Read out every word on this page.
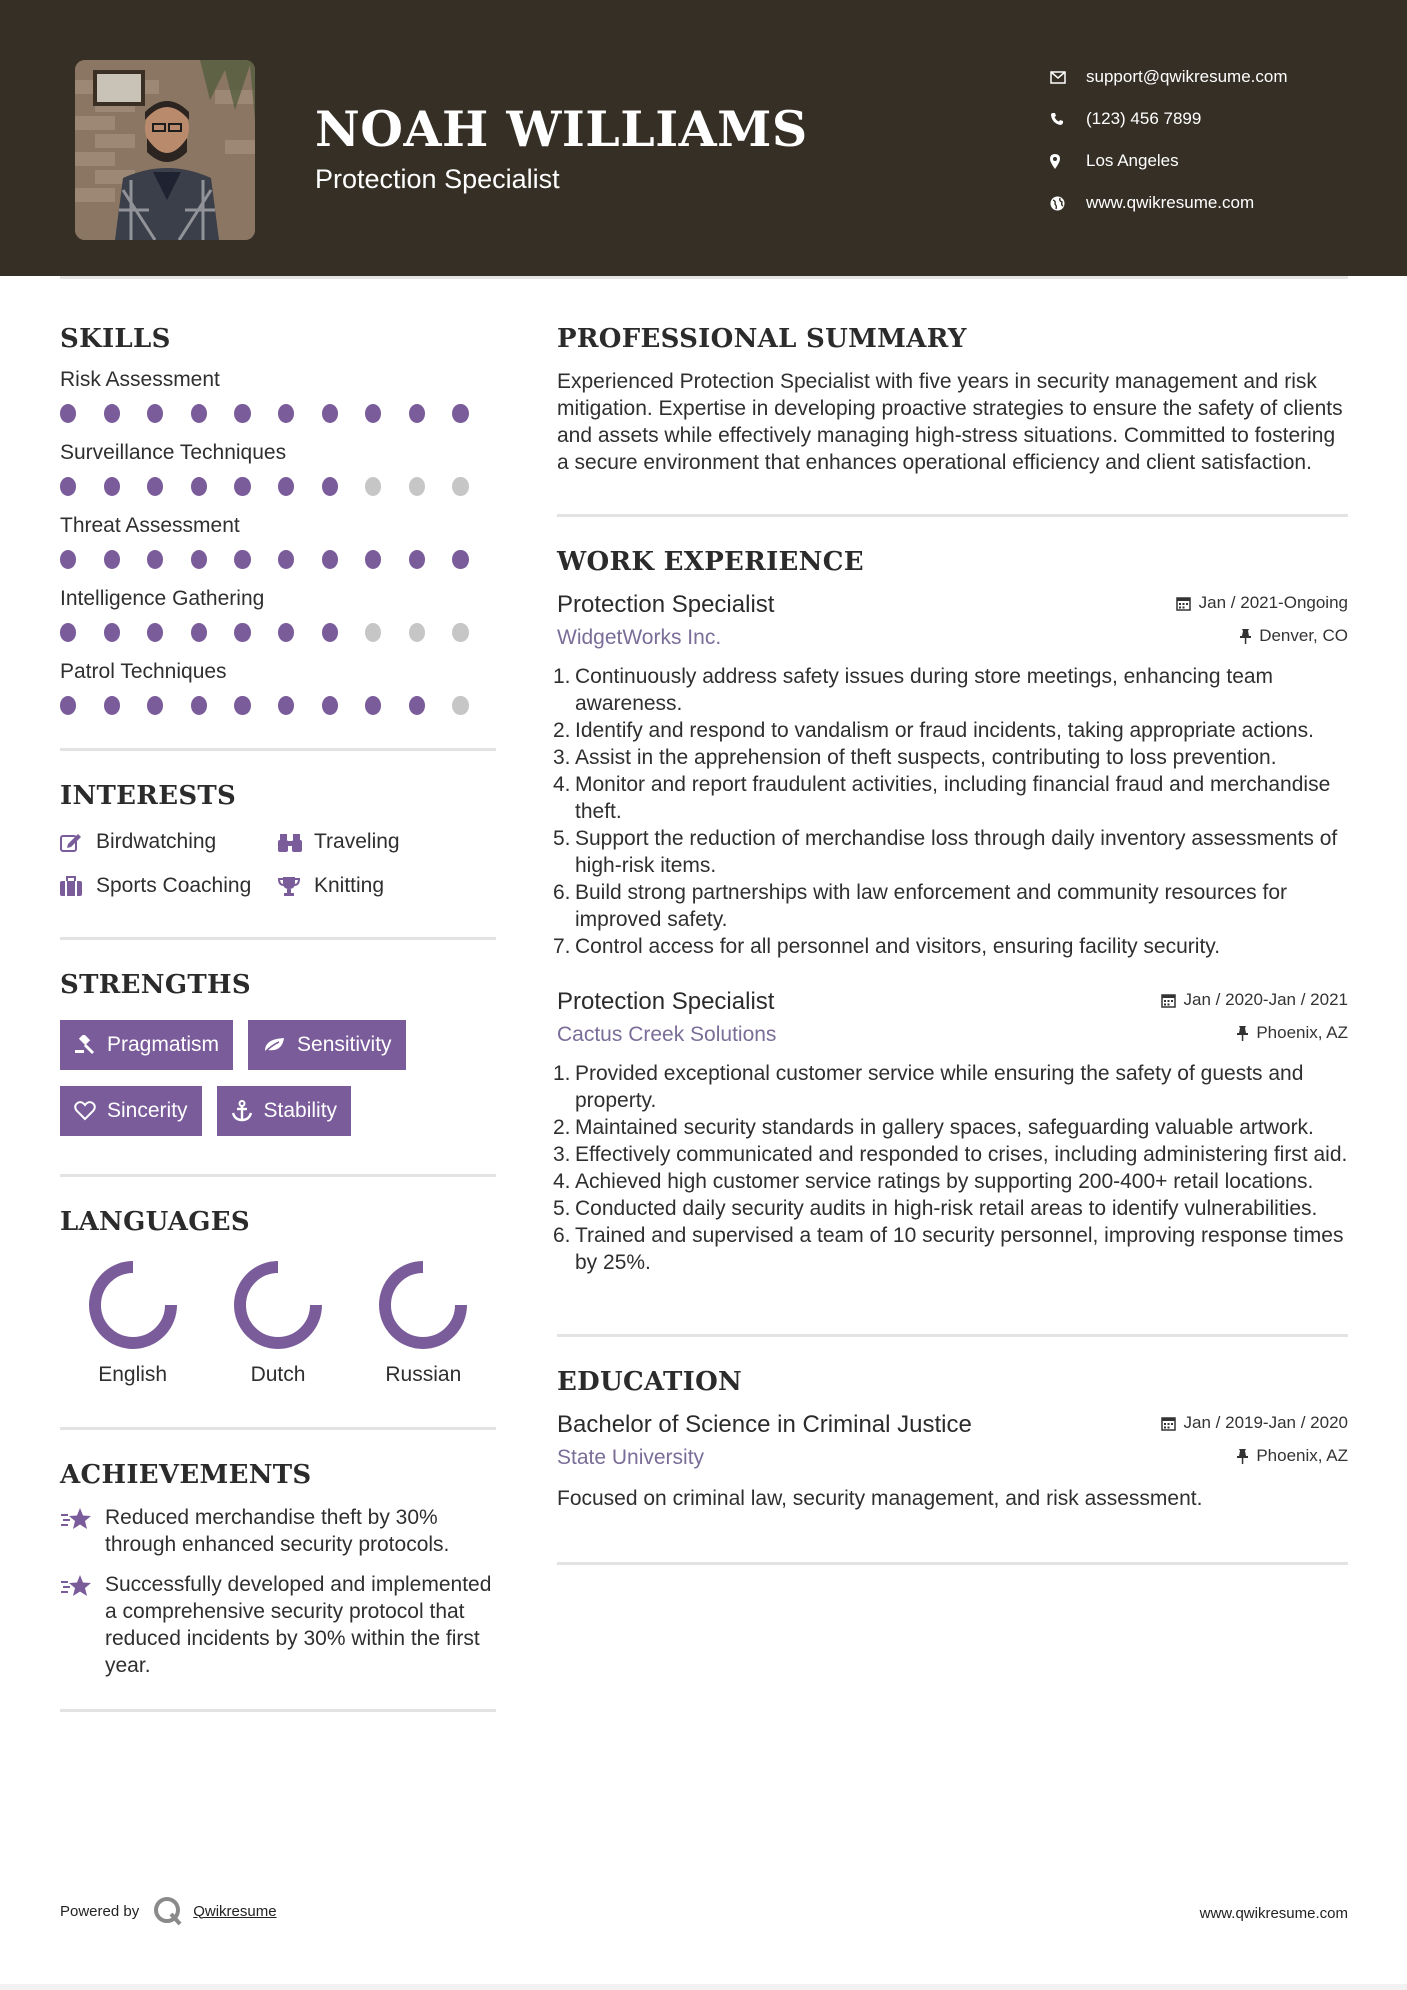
NOAH WILLIAMS
Protection Specialist
support@qwikresume.com
(123) 456 7899
Los Angeles
www.qwikresume.com
SKILLS
Risk Assessment
Surveillance Techniques
Threat Assessment
Intelligence Gathering
Patrol Techniques
INTERESTS
Birdwatching	Traveling
Sports Coaching	Knitting
STRENGTHS
Pragmatism	Sensitivity
Sincerity	Stability
LANGUAGES
English	Dutch	Russian
ACHIEVEMENTS
Reduced merchandise theft by 30% through enhanced security protocols.
Successfully developed and implemented a comprehensive security protocol that reduced incidents by 30% within the first year.
PROFESSIONAL SUMMARY
Experienced Protection Specialist with five years in security management and risk mitigation. Expertise in developing proactive strategies to ensure the safety of clients and assets while effectively managing high-stress situations. Committed to fostering a secure environment that enhances operational efficiency and client satisfaction.
WORK EXPERIENCE
Protection Specialist
WidgetWorks Inc.
Jan / 2021-Ongoing
Denver, CO
1. Continuously address safety issues during store meetings, enhancing team awareness.
2. Identify and respond to vandalism or fraud incidents, taking appropriate actions.
3. Assist in the apprehension of theft suspects, contributing to loss prevention.
4. Monitor and report fraudulent activities, including financial fraud and merchandise theft.
5. Support the reduction of merchandise loss through daily inventory assessments of high-risk items.
6. Build strong partnerships with law enforcement and community resources for improved safety.
7. Control access for all personnel and visitors, ensuring facility security.
Protection Specialist
Cactus Creek Solutions
Jan / 2020-Jan / 2021
Phoenix, AZ
1. Provided exceptional customer service while ensuring the safety of guests and property.
2. Maintained security standards in gallery spaces, safeguarding valuable artwork.
3. Effectively communicated and responded to crises, including administering first aid.
4. Achieved high customer service ratings by supporting 200-400+ retail locations.
5. Conducted daily security audits in high-risk retail areas to identify vulnerabilities.
6. Trained and supervised a team of 10 security personnel, improving response times by 25%.
EDUCATION
Bachelor of Science in Criminal Justice
State University
Jan / 2019-Jan / 2020
Phoenix, AZ
Focused on criminal law, security management, and risk assessment.
Powered by	Qwikresume	www.qwikresume.com
